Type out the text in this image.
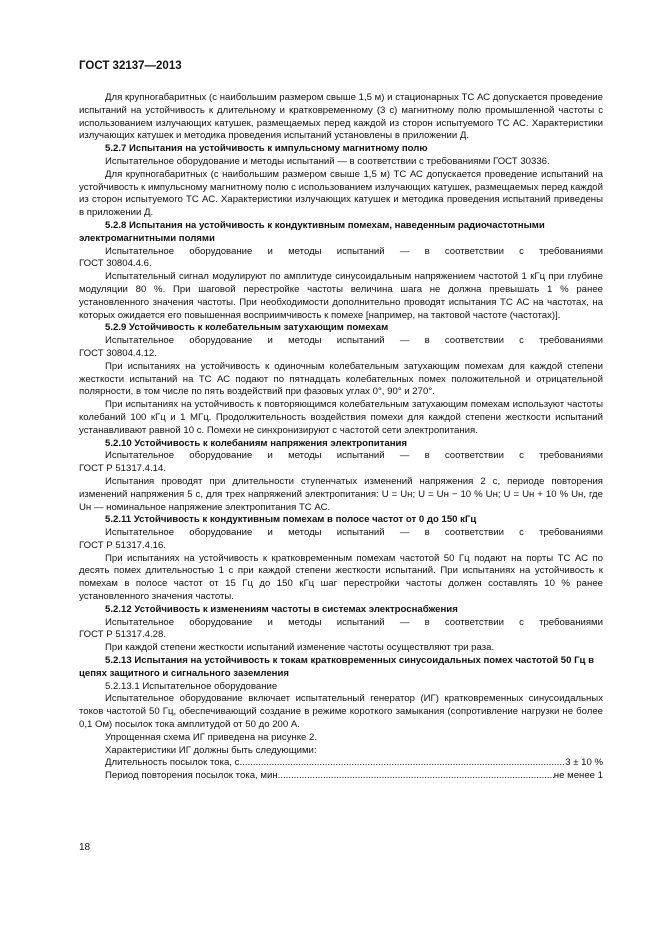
ГОСТ 32137—2013

Для крупногабаритных (с наибольшим размером свыше 1,5 м) и стационарных ТС АС допускается проведение испытаний на устойчивость к длительному и кратковременному (3 с) магнитному полю промышленной частоты с использованием излучающих катушек, размещаемых перед каждой из сторон испытуемого ТС АС. Характеристики излучающих катушек и методика проведения испытаний установлены в приложении Д.

5.2.7 Испытания на устойчивость к импульсному магнитному полю

Испытательное оборудование и методы испытаний — в соответствии с требованиями ГОСТ 30336.

Для крупногабаритных (с наибольшим размером свыше 1,5 м) ТС АС допускается проведение испытаний на устойчивость к импульсному магнитному полю с использованием излучающих катушек, размещаемых перед каждой из сторон испытуемого ТС АС. Характеристики излучающих катушек и методика проведения испытаний приведены в приложении Д.

5.2.8 Испытания на устойчивость к кондуктивным помехам, наведенным радиочастотными электромагнитными полями

Испытательное оборудование и методы испытаний — в соответствии с требованиями

ГОСТ 30804.4.6.

Испытательный сигнал модулируют по амплитуде синусоидальным напряжением частотой 1 кГц при глубине модуляции 80 %. При шаговой перестройке частоты величина шага не должна превышать 1 % ранее установленного значения частоты. При необходимости дополнительно проводят испытания ТС АС на частотах, на которых ожидается его повышенная восприимчивость к помехе [например, на тактовой частоте (частотах)].

5.2.9 Устойчивость к колебательным затухающим помехам

Испытательное оборудование и методы испытаний — в соответствии с требованиями

ГОСТ 30804.4.12.

При испытаниях на устойчивость к одиночным колебательным затухающим помехам для каждой степени жесткости испытаний на ТС АС подают по пятнадцать колебательных помех положительной и отрицательной полярности, в том числе по пять воздействий при фазовых углах 0°, 90° и 270°.

При испытаниях на устойчивость к повторяющимся колебательным затухающим помехам используют частоты колебаний 100 кГц и 1 МГц. Продолжительность воздействия помехи для каждой степени жесткости испытаний устанавливают равной 10 с. Помехи не синхронизируют с частотой сети электропитания.

5.2.10 Устойчивость к колебаниям напряжения электропитания

Испытательное оборудование и методы испытаний — в соответствии с требованиями

ГОСТ Р 51317.4.14.

Испытания проводят при длительности ступенчатых изменений напряжения 2 с, периоде повторения изменений напряжения 5 с, для трех напряжений электропитания: U = Uн; U = Uн − 10 % Uн; U = Uн + 10 % Uн, где Uн — номинальное напряжение электропитания ТС АС.

5.2.11 Устойчивость к кондуктивным помехам в полосе частот от 0 до 150 кГц

Испытательное оборудование и методы испытаний — в соответствии с требованиями

ГОСТ Р 51317.4.16.

При испытаниях на устойчивость к кратковременным помехам частотой 50 Гц подают на порты ТС АС по десять помех длительностью 1 с при каждой степени жесткости испытаний. При испытаниях на устойчивость к помехам в полосе частот от 15 Гц до 150 кГц шаг перестройки частоты должен составлять 10 % ранее установленного значения частоты.

5.2.12 Устойчивость к изменениям частоты в системах электроснабжения

Испытательное оборудование и методы испытаний — в соответствии с требованиями

ГОСТ Р 51317.4.28.

При каждой степени жесткости испытаний изменение частоты осуществляют три раза.

5.2.13 Испытания на устойчивость к токам кратковременных синусоидальных помех частотой 50 Гц в цепях защитного и сигнального заземления

5.2.13.1 Испытательное оборудование

Испытательное оборудование включает испытательный генератор (ИГ) кратковременных синусоидальных токов частотой 50 Гц, обеспечивающий создание в режиме короткого замыкания (сопротивление нагрузки не более 0,1 Ом) посылок тока амплитудой от 50 до 200 А.

Упрощенная схема ИГ приведена на рисунке 2.

Характеристики ИГ должны быть следующими:

Длительность посылок тока, с .....	3 ± 10 %
Период повторения посылок тока, мин .....	не менее 1
18
